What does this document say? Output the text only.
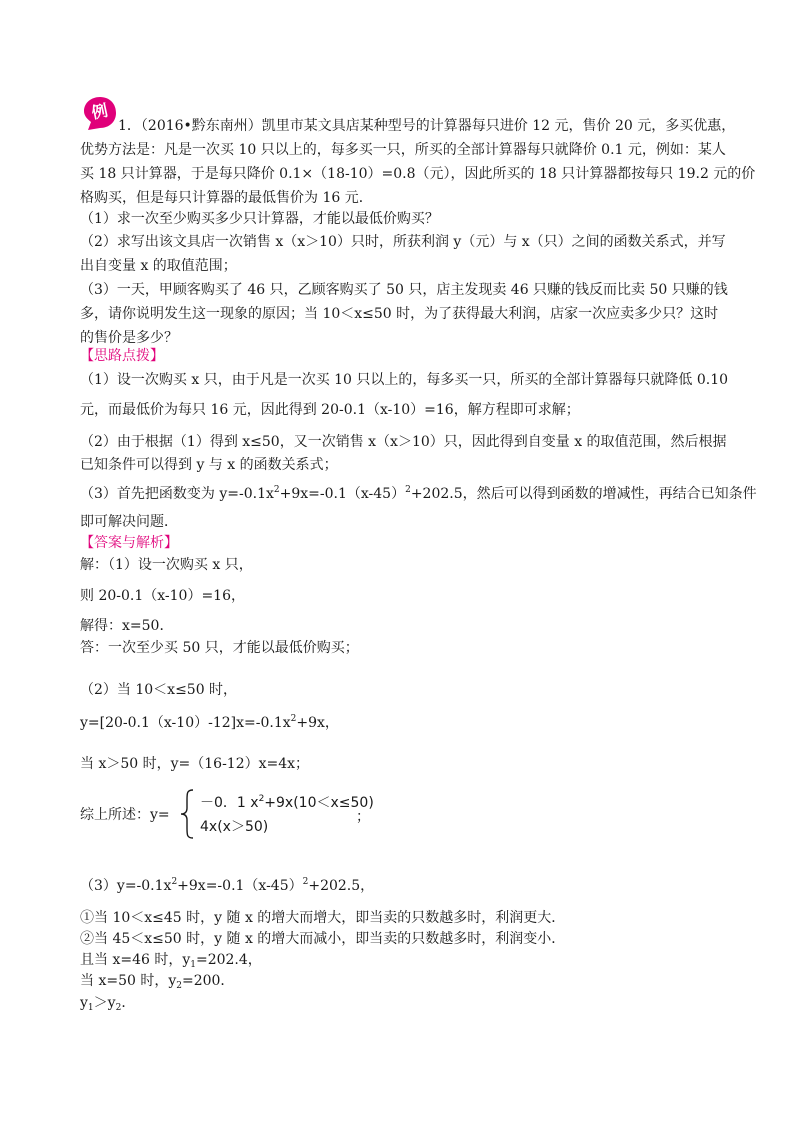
例
1．（2016•黔东南州）凯里市某文具店某种型号的计算器每只进价 12 元，售价 20 元，多买优惠，
优势方法是：凡是一次买 10 只以上的，每多买一只，所买的全部计算器每只就降价 0.1 元，例如：某人
买 18 只计算器，于是每只降价 0.1×（18-10）=0.8（元），因此所买的 18 只计算器都按每只 19.2 元的价
格购买，但是每只计算器的最低售价为 16 元．
（1）求一次至少购买多少只计算器，才能以最低价购买？
（2）求写出该文具店一次销售 x（x＞10）只时，所获利润 y（元）与 x（只）之间的函数关系式，并写
出自变量 x 的取值范围；
（3）一天，甲顾客购买了 46 只，乙顾客购买了 50 只，店主发现卖 46 只赚的钱反而比卖 50 只赚的钱
多，请你说明发生这一现象的原因；当 10＜x≤50 时，为了获得最大利润，店家一次应卖多少只？这时
的售价是多少？
【思路点拨】
（1）设一次购买 x 只，由于凡是一次买 10 只以上的，每多买一只，所买的全部计算器每只就降低 0.10
元，而最低价为每只 16 元，因此得到 20-0.1（x-10）=16，解方程即可求解；
（2）由于根据（1）得到 x≤50，又一次销售 x（x＞10）只，因此得到自变量 x 的取值范围，然后根据
已知条件可以得到 y 与 x 的函数关系式；
（3）首先把函数变为 $y=-0.1x^2+9x=-0.1(x-45)^2+202.5$，然后可以得到函数的增减性，再结合已知条件
即可解决问题．
【答案与解析】
解：（1）设一次购买 x 只，
则 20-0.1（x-10）=16，
解得：x=50．
答：一次至少买 50 只，才能以最低价购买；
（2）当 10＜x≤50 时，
$y=[20-0.1(x-10)-12]x=-0.1x^2+9x$，
当 x＞50 时，y=（16-12）x=4x；
综上所述：y=
－0．1 $x^2+9x(10<x\le 50)$
4x(x＞50)
；
$(3)y=-0.1x^2+9x=-0.1(x-45)^2+202.5$，
①当 10＜x≤45 时，y 随 x 的增大而增大，即当卖的只数越多时，利润更大．
②当 45＜x≤50 时，y 随 x 的增大而减小，即当卖的只数越多时，利润变小．
且当 x=46 时，$y_1=202.4$，
当 x=50 时，$y_2=200$．
$y_1>y_2$．
